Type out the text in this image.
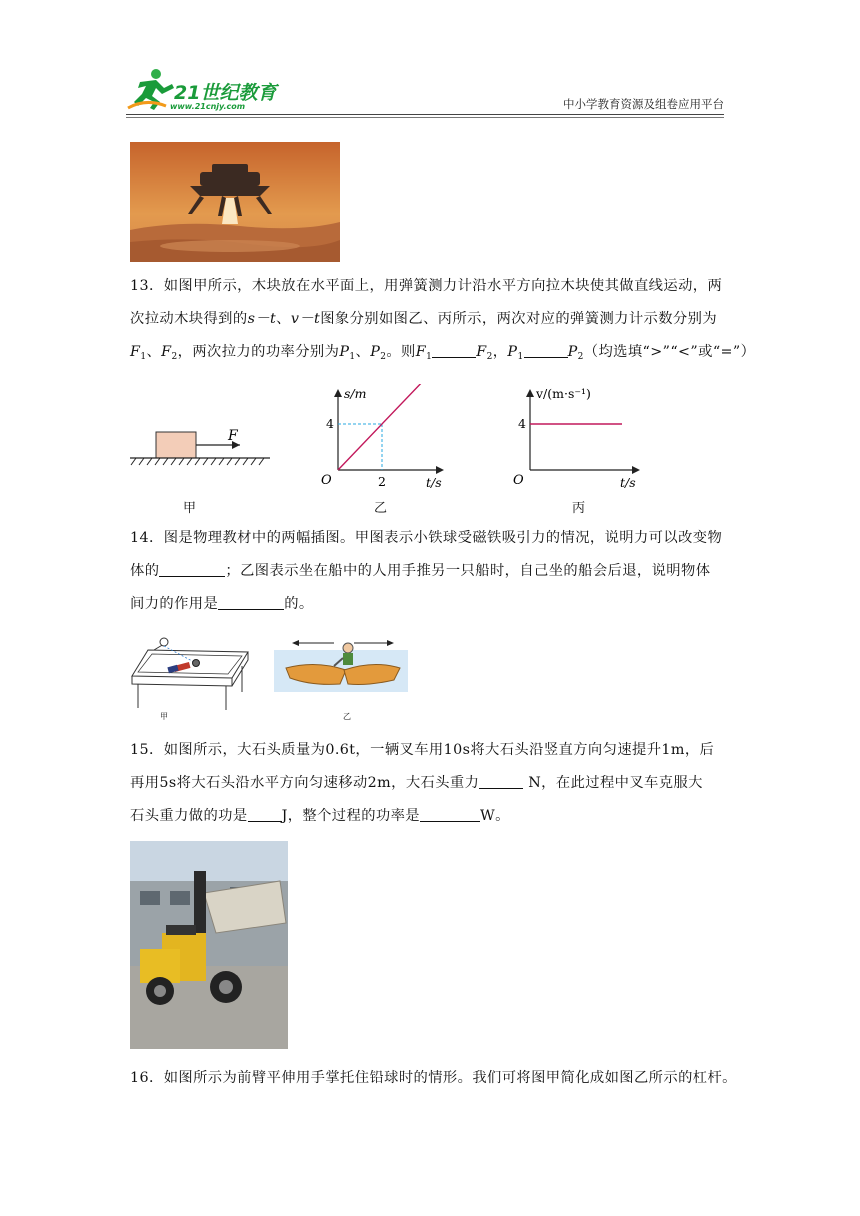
21世纪教育
www.21cnjy.com	中小学教育资源及组卷应用平台

13．如图甲所示，木块放在水平面上，用弹簧测力计沿水平方向拉木块使其做直线运动，两

次拉动木块得到的s－t、v－t图象分别如图乙、丙所示，两次对应的弹簧测力计示数分别为

$F_1$、$F_2$，两次拉力的功率分别为$P_1$、$P_2$。则$F_1$	$F_2$，$P_1$	$P_2$（均选填“>”“<”或“=”）

F
甲
s/m
t/s
O
4
2
乙
v/(m·s⁻¹)
t/s
O
4
丙

14．图是物理教材中的两幅插图。甲图表示小铁球受磁铁吸引力的情况，说明力可以改变物

体的	；乙图表示坐在船中的人用手推另一只船时，自己坐的船会后退，说明物体

间力的作用是	的。

甲	乙

15．如图所示，大石头质量为0.6t，一辆叉车用10s将大石头沿竖直方向匀速提升1m，后

再用5s将大石头沿水平方向匀速移动2m，大石头重力	N，在此过程中叉车克服大

石头重力做的功是 J，整个过程的功率是	W。

16．如图所示为前臂平伸用手掌托住铅球时的情形。我们可将图甲简化成如图乙所示的杠杆。
